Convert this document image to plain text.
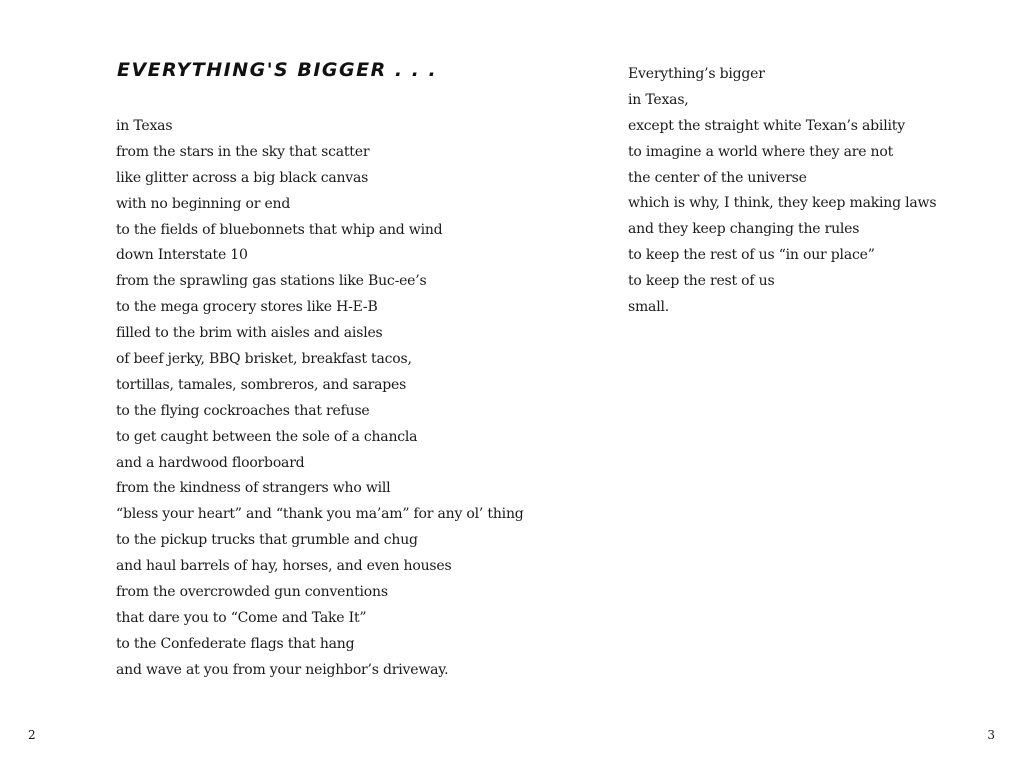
EVERYTHING'S BIGGER . . .
in Texas
from the stars in the sky that scatter
like glitter across a big black canvas
with no beginning or end
to the fields of bluebonnets that whip and wind
down Interstate 10
from the sprawling gas stations like Buc-ee’s
to the mega grocery stores like H-E-B
filled to the brim with aisles and aisles
of beef jerky, BBQ brisket, breakfast tacos,
tortillas, tamales, sombreros, and sarapes
to the flying cockroaches that refuse
to get caught between the sole of a chancla
and a hardwood floorboard
from the kindness of strangers who will
“bless your heart” and “thank you ma’am” for any ol’ thing
to the pickup trucks that grumble and chug
and haul barrels of hay, horses, and even houses
from the overcrowded gun conventions
that dare you to “Come and Take It”
to the Confederate flags that hang
and wave at you from your neighbor’s driveway.
2
Everything’s bigger
in Texas,
except the straight white Texan’s ability
to imagine a world where they are not
the center of the universe
which is why, I think, they keep making laws
and they keep changing the rules
to keep the rest of us “in our place”
to keep the rest of us
small.
3
